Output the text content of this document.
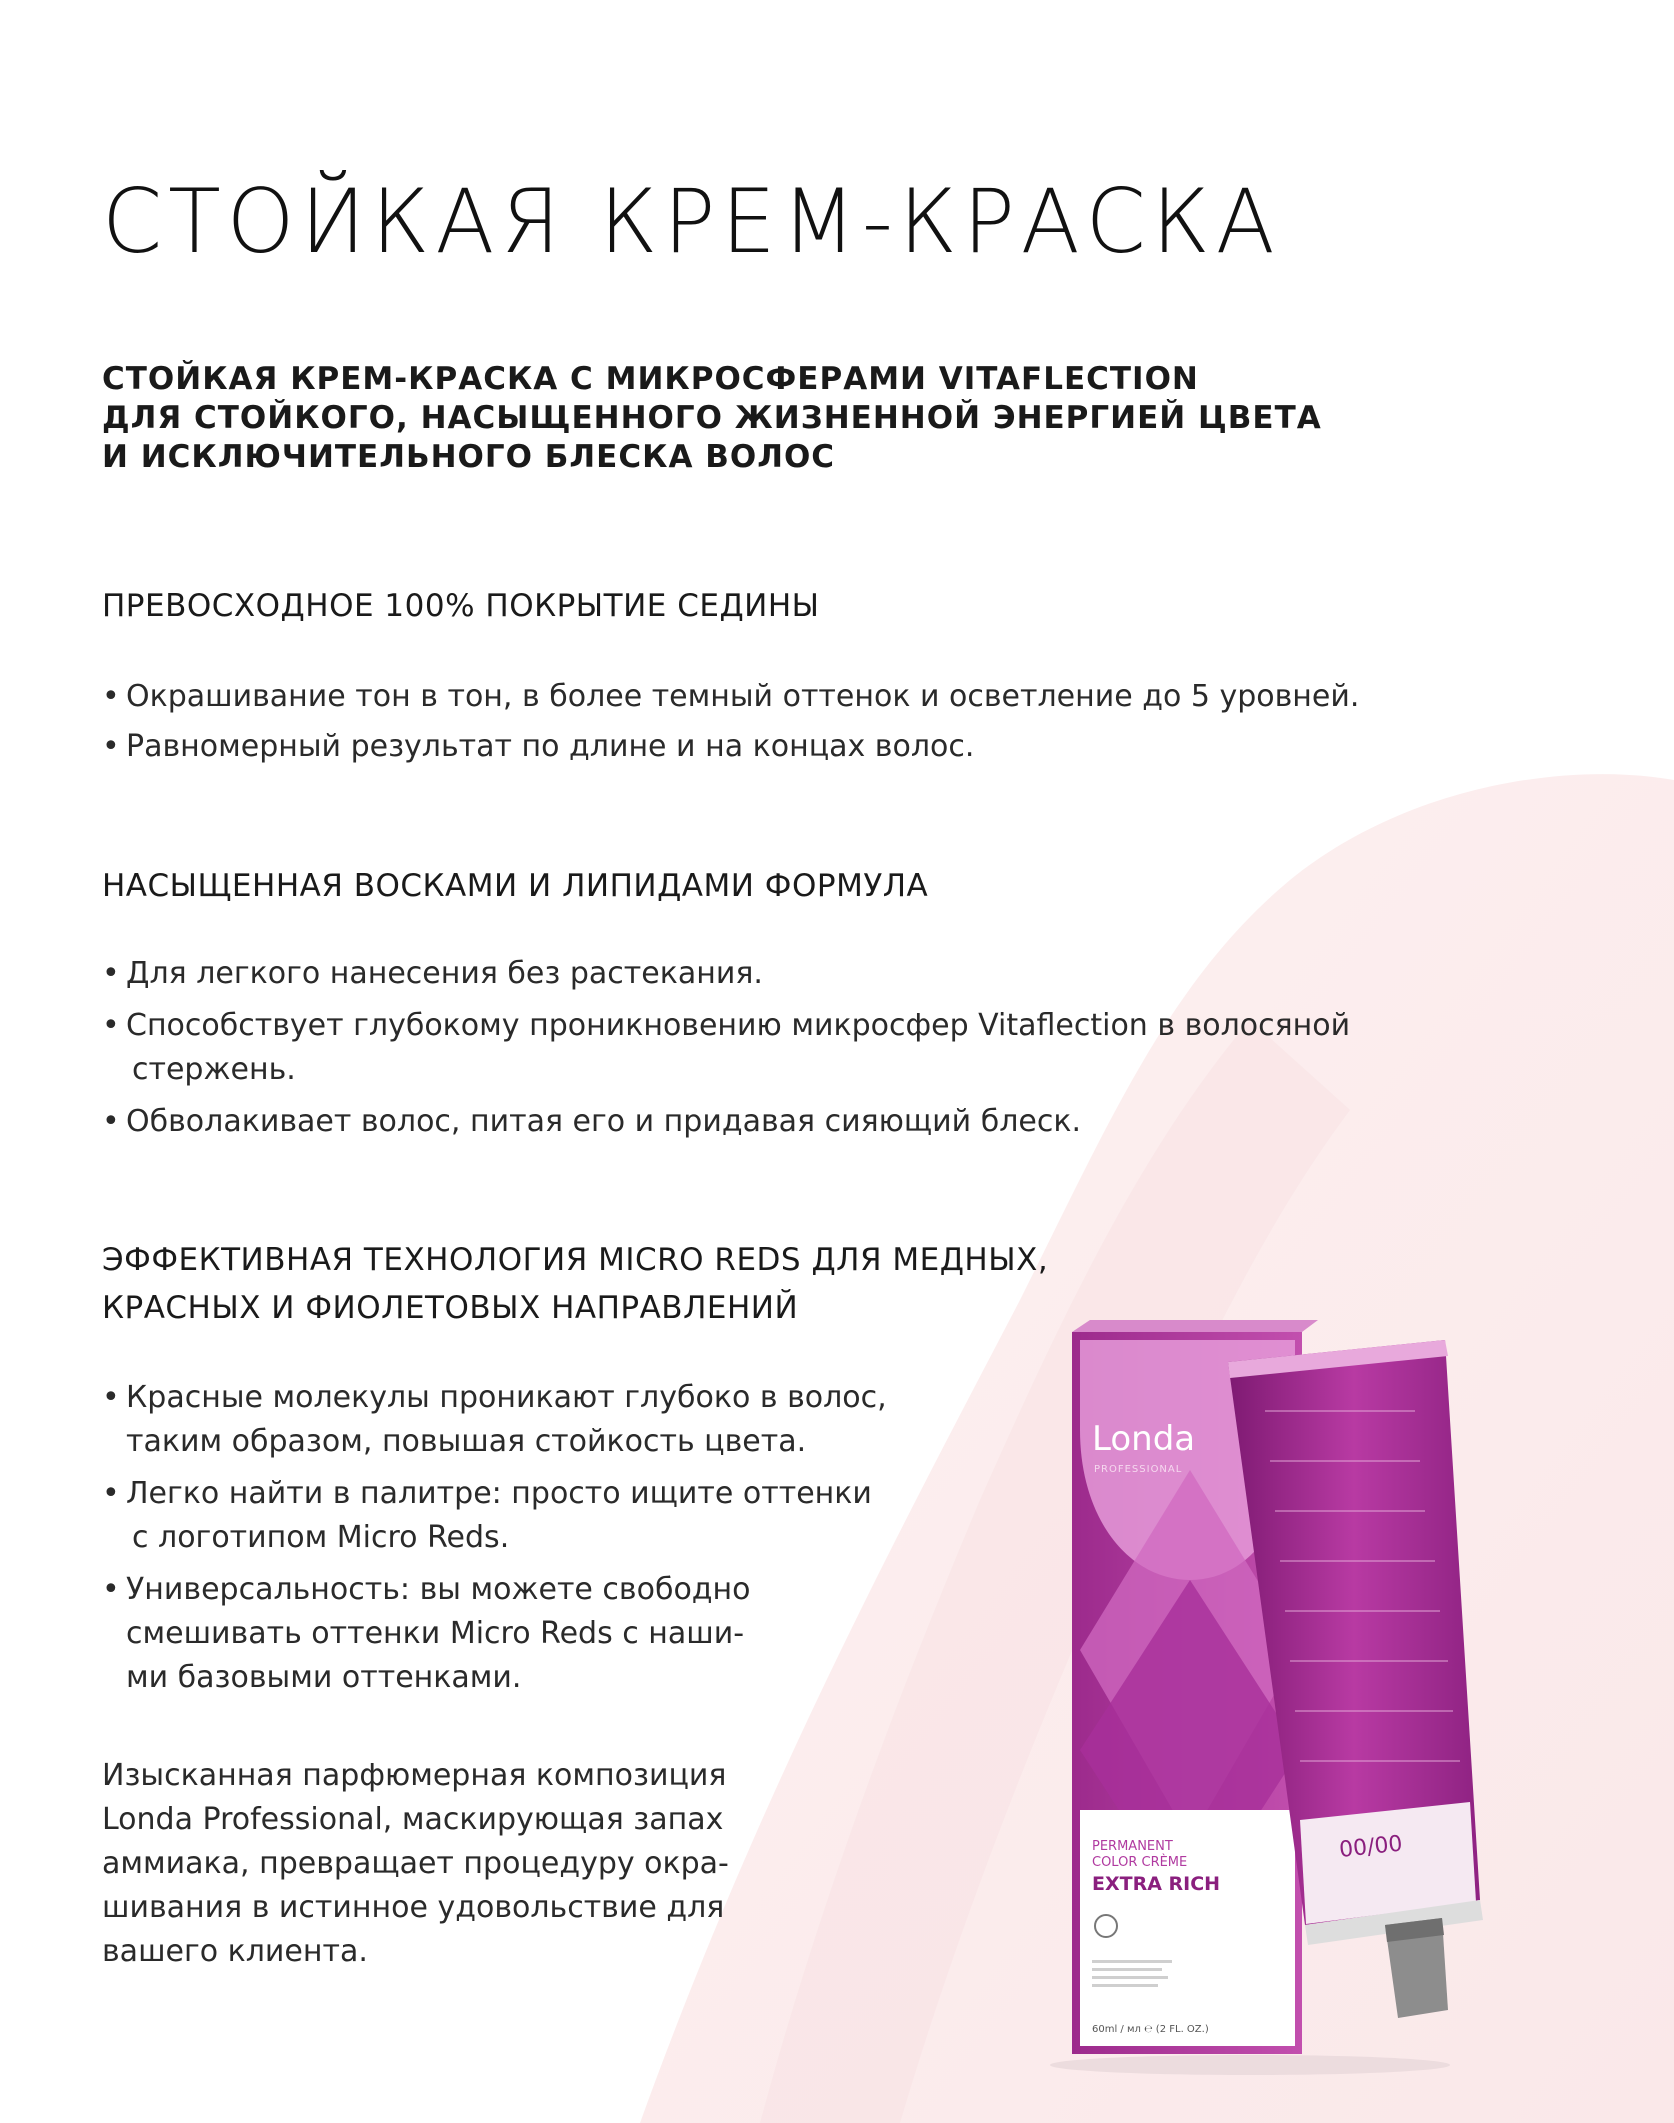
СТОЙКАЯ КРЕМ-КРАСКА
СТОЙКАЯ КРЕМ-КРАСКА С МИКРОСФЕРАМИ VITAFLECTION
ДЛЯ СТОЙКОГО, НАСЫЩЕННОГО ЖИЗНЕННОЙ ЭНЕРГИЕЙ ЦВЕТА
И ИСКЛЮЧИТЕЛЬНОГО БЛЕСКА ВОЛОС
ПРЕВОСХОДНОЕ 100% ПОКРЫТИЕ СЕДИНЫ
• Окрашивание тон в тон, в более темный оттенок и осветление до 5 уровней.
• Равномерный результат по длине и на концах волос.
НАСЫЩЕННАЯ ВОСКАМИ И ЛИПИДАМИ ФОРМУЛА
• Для легкого нанесения без растекания.
• Способствует глубокому проникновению микросфер Vitaflection в волосяной
стержень.
• Обволакивает волос, питая его и придавая сияющий блеск.
ЭФФЕКТИВНАЯ ТЕХНОЛОГИЯ MICRO REDS ДЛЯ МЕДНЫХ,
КРАСНЫХ И ФИОЛЕТОВЫХ НАПРАВЛЕНИЙ
• Красные молекулы проникают глубоко в волос,
таким образом, повышая стойкость цвета.
• Легко найти в палитре: просто ищите оттенки
с логотипом Micro Reds.
• Универсальность: вы можете свободно
смешивать оттенки Micro Reds с наши-
ми базовыми оттенками.
Изысканная парфюмерная композиция
Londa Professional, маскирующая запах
аммиака, превращает процедуру окра-
шивания в истинное удовольствие для
вашего клиента.
Londa
PROFESSIONAL
PERMANENT
COLOR CRÈME
EXTRA RICH
60ml / мл ℮ (2 FL. OZ.)
00/00
